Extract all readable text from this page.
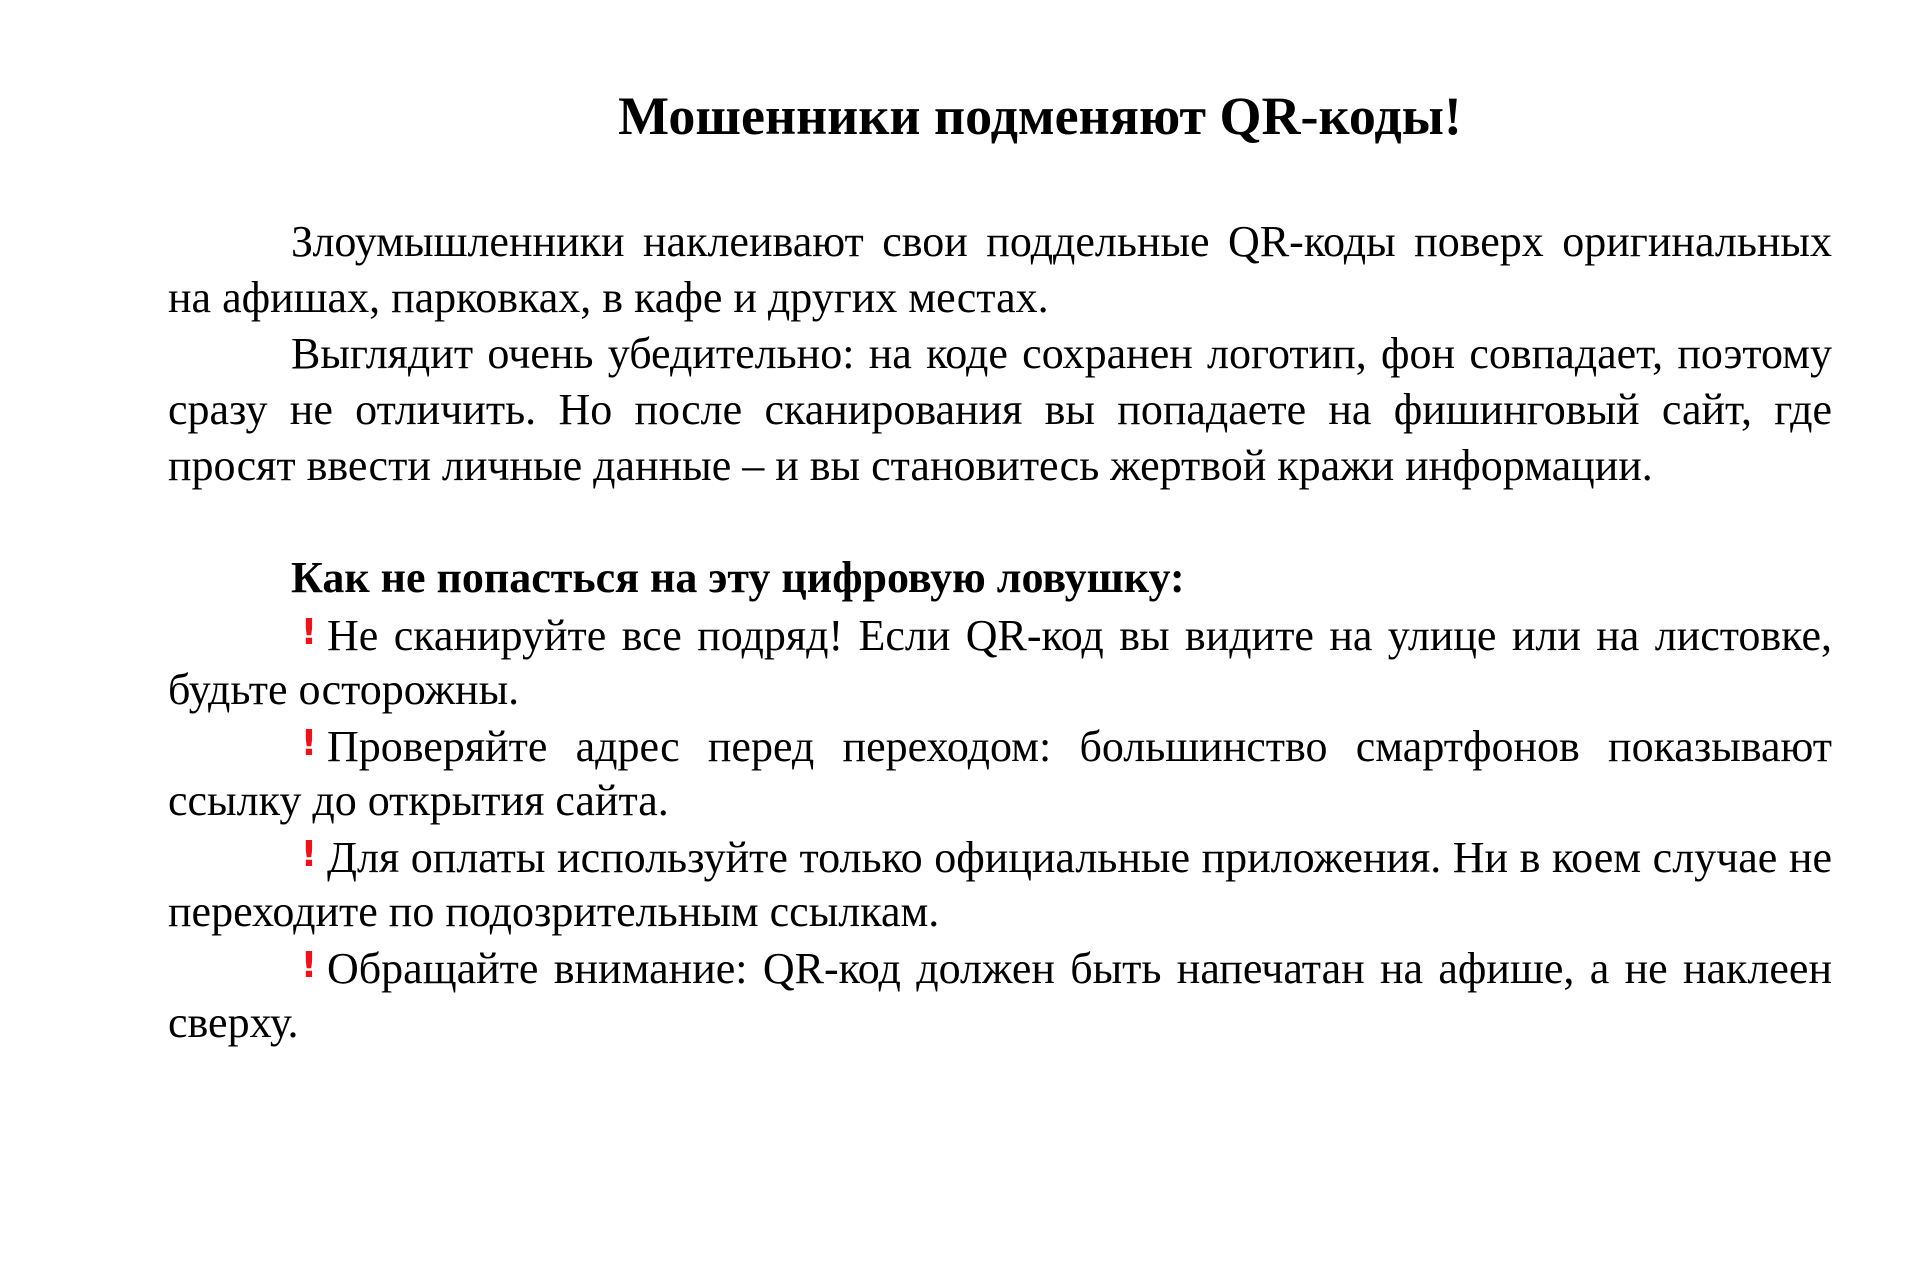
Мошенники подменяют QR-коды!

Злоумышленники наклеивают свои поддельные QR-коды поверх оригинальных на афишах, парковках, в кафе и других местах.

Выглядит очень убедительно: на коде сохранен логотип, фон совпадает, поэтому сразу не отличить. Но после сканирования вы попадаете на фишинговый сайт, где просят ввести личные данные – и вы становитесь жертвой кражи информации.

Как не попасться на эту цифровую ловушку:

! Не сканируйте все подряд! Если QR-код вы видите на улице или на листовке, будьте осторожны.

! Проверяйте адрес перед переходом: большинство смартфонов показывают ссылку до открытия сайта.

! Для оплаты используйте только официальные приложения. Ни в коем случае не переходите по подозрительным ссылкам.

! Обращайте внимание: QR-код должен быть напечатан на афише, а не наклеен сверху.
